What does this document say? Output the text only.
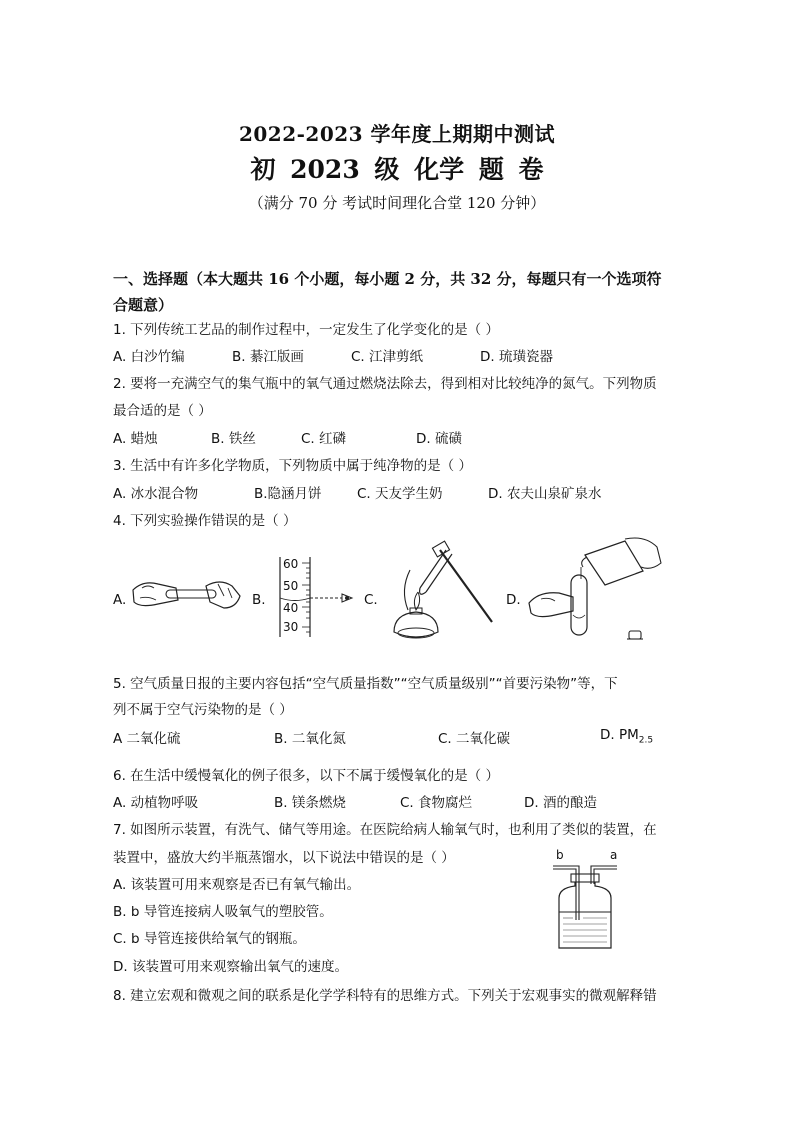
2022-2023 学年度上期期中测试
初 2023 级 化学 题 卷
（满分 70 分 考试时间理化合堂 120 分钟）
一、选择题（本大题共 16 个小题，每小题 2 分，共 32 分，每题只有一个选项符
合题意）
1. 下列传统工艺品的制作过程中，一定发生了化学变化的是（ ）
A. 白沙竹编	B. 綦江版画	C. 江津剪纸	D. 琉璜瓷器
2. 要将一充满空气的集气瓶中的氧气通过燃烧法除去，得到相对比较纯净的氮气。下列物质
最合适的是（ ）
A. 蜡烛	B. 铁丝	C. 红磷	D. 硫磺
3. 生活中有许多化学物质，下列物质中属于纯净物的是（ ）
A. 冰水混合物	B.隐涵月饼	C. 天友学生奶	D. 农夫山泉矿泉水
4. 下列实验操作错误的是（ ）
A.	B.	C.	D.
60
50
40
30
5. 空气质量日报的主要内容包括“空气质量指数”“空气质量级别”“首要污染物”等，下
列不属于空气污染物的是（ ）
A 二氧化硫	B. 二氧化氮	C. 二氧化碳	D. $PM_{2.5}$
6. 在生活中缓慢氧化的例子很多，以下不属于缓慢氧化的是（ ）
A. 动植物呼吸	B. 镁条燃烧	C. 食物腐烂	D. 酒的酿造
7. 如图所示装置，有洗气、储气等用途。在医院给病人输氧气时，也利用了类似的装置，在
装置中，盛放大约半瓶蒸馏水，以下说法中错误的是（ ）
A. 该装置可用来观察是否已有氧气输出。
B. b 导管连接病人吸氧气的塑胶管。
C. b 导管连接供给氧气的钢瓶。
D. 该装置可用来观察输出氧气的速度。
b	a
8. 建立宏观和微观之间的联系是化学学科特有的思维方式。下列关于宏观事实的微观解释错
